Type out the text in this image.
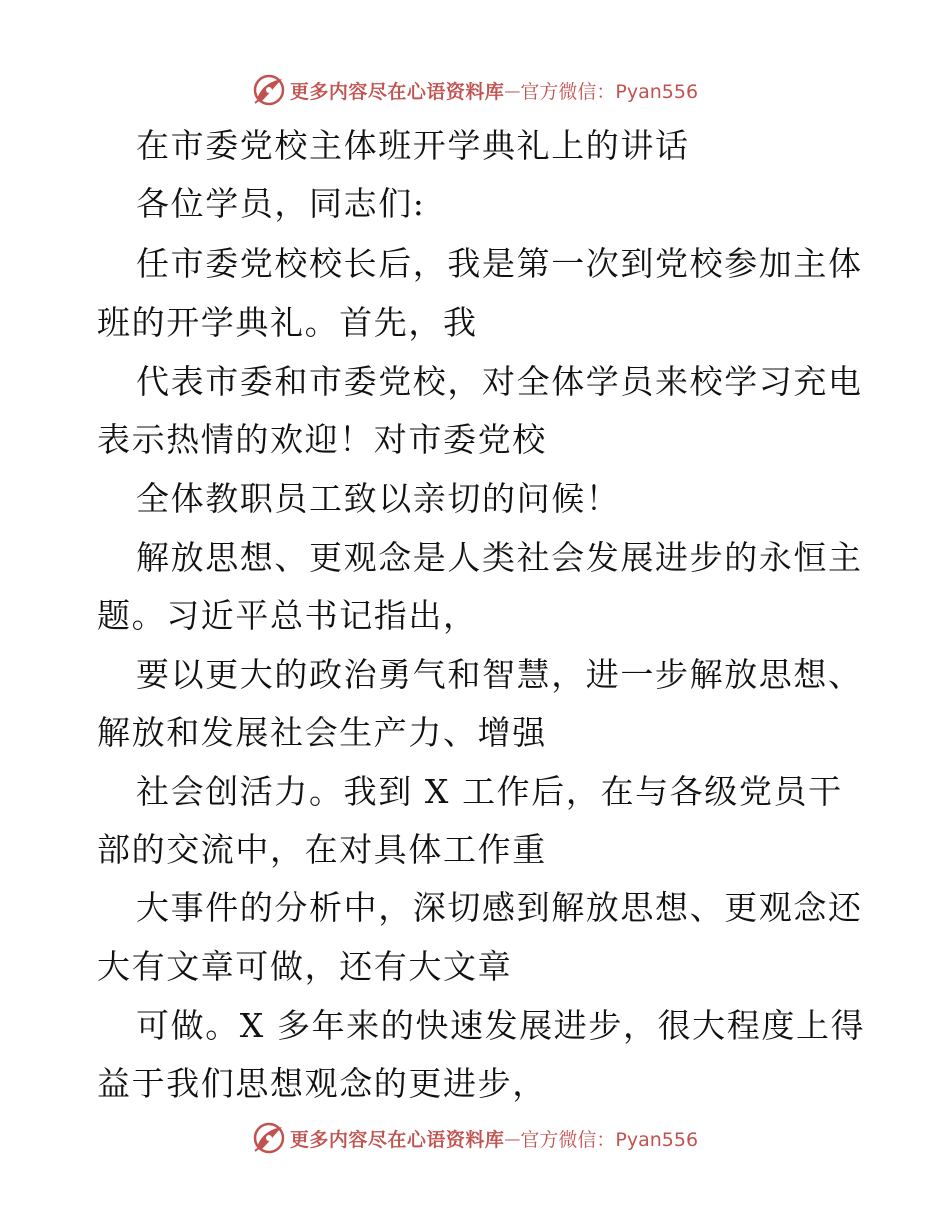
更多内容尽在心语资料库 — 官方微信：Pyan556
在市委党校主体班开学典礼上的讲话
各位学员，同志们:
任市委党校校长后，我是第一次到党校参加主体
班的开学典礼。首先，我
代表市委和市委党校，对全体学员来校学习充电
表示热情的欢迎！对市委党校
全体教职员工致以亲切的问候！
解放思想、更观念是人类社会发展进步的永恒主
题。习近平总书记指出，
要以更大的政治勇气和智慧，进一步解放思想、
解放和发展社会生产力、增强
社会创活力。我到 X 工作后，在与各级党员干
部的交流中，在对具体工作重
大事件的分析中，深切感到解放思想、更观念还
大有文章可做，还有大文章
可做。X 多年来的快速发展进步，很大程度上得
益于我们思想观念的更进步，
更多内容尽在心语资料库 — 官方微信：Pyan556
